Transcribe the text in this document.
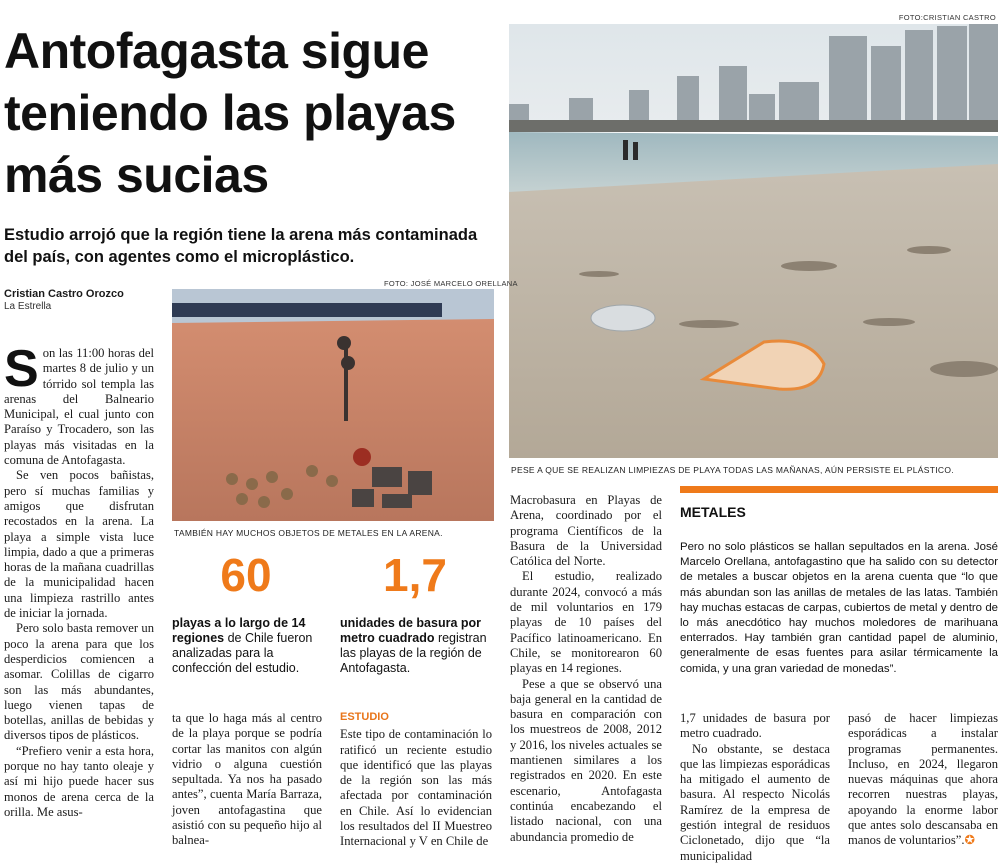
Antofagasta sigue teniendo las playas más sucias
Estudio arrojó que la región tiene la arena más contaminada del país, con agentes como el microplástico.
Cristian Castro Orozco
La Estrella
FOTO:CRISTIAN CASTRO
PESE A QUE SE REALIZAN LIMPIEZAS DE PLAYA TODAS LAS MAÑANAS, AÚN PERSISTE EL PLÁSTICO.
FOTO: JOSÉ MARCELO ORELLANA
TAMBIÉN HAY MUCHOS OBJETOS DE METALES EN LA ARENA.

Son las 11:00 horas del martes 8 de julio y un tórrido sol templa las arenas del Balneario Municipal, el cual junto con Paraíso y Trocadero, son las playas más visitadas en la comuna de Antofagasta.

Se ven pocos bañistas, pero sí muchas familias y amigos que disfrutan recostados en la arena. La playa a simple vista luce limpia, dado a que a primeras horas de la mañana cuadrillas de la municipalidad hacen una limpieza rastrillo antes de iniciar la jornada.

Pero solo basta remover un poco la arena para que los desperdicios comiencen a asomar. Colillas de cigarro son las más abundantes, luego vienen tapas de botellas, anillas de bebidas y diversos tipos de plásticos.

“Prefiero venir a esta hora, porque no hay tanto oleaje y así mi hijo puede hacer sus monos de arena cerca de la orilla. Me asus-

60
playas a lo largo de 14 regiones de Chile fueron analizadas para la confección del estudio.
1,7
unidades de basura por metro cuadrado registran las playas de la región de Antofagasta.

ta que lo haga más al centro de la playa porque se podría cortar las manitos con algún vidrio o alguna cuestión sepultada. Ya nos ha pasado antes”, cuenta María Barraza, joven antofagastina que asistió con su pequeño hijo al balnea-

ESTUDIO

Este tipo de contaminación lo ratificó un reciente estudio que identificó que las playas de la región son las más afectada por contaminación en Chile. Así lo evidencian los resultados del II Muestreo Internacional y V en Chile de

Macrobasura en Playas de Arena, coordinado por el programa Científicos de la Basura de la Universidad Católica del Norte.

El estudio, realizado durante 2024, convocó a más de mil voluntarios en 179 playas de 10 países del Pacífico latinoamericano. En Chile, se monitorearon 60 playas en 14 regiones.

Pese a que se observó una baja general en la cantidad de basura en comparación con los muestreos de 2008, 2012 y 2016, los niveles actuales se mantienen similares a los registrados en 2020. En este escenario, Antofagasta continúa encabezando el listado nacional, con una abundancia promedio de

METALES

Pero no solo plásticos se hallan sepultados en la arena. José Marcelo Orellana, antofagastino que ha salido con su detector de metales a buscar objetos en la arena cuenta que “lo que más abundan son las anillas de metales de las latas. También hay muchas estacas de carpas, cubiertos de metal y dentro de lo más anecdótico hay muchos moledores de marihuana enterrados. Hay también gran cantidad papel de aluminio, generalmente de esas fuentes para asilar térmicamente la comida, y una gran variedad de monedas”.

1,7 unidades de basura por metro cuadrado.

No obstante, se destaca que las limpiezas esporádicas ha mitigado el aumento de basura. Al respecto Nicolás Ramírez de la empresa de gestión integral de residuos Ciclonetado, dijo que “la municipalidad

pasó de hacer limpiezas esporádicas a instalar programas permanentes. Incluso, en 2024, llegaron nuevas máquinas que ahora recorren nuestras playas, apoyando la enorme labor que antes solo descansaba en manos de voluntarios”.✪
